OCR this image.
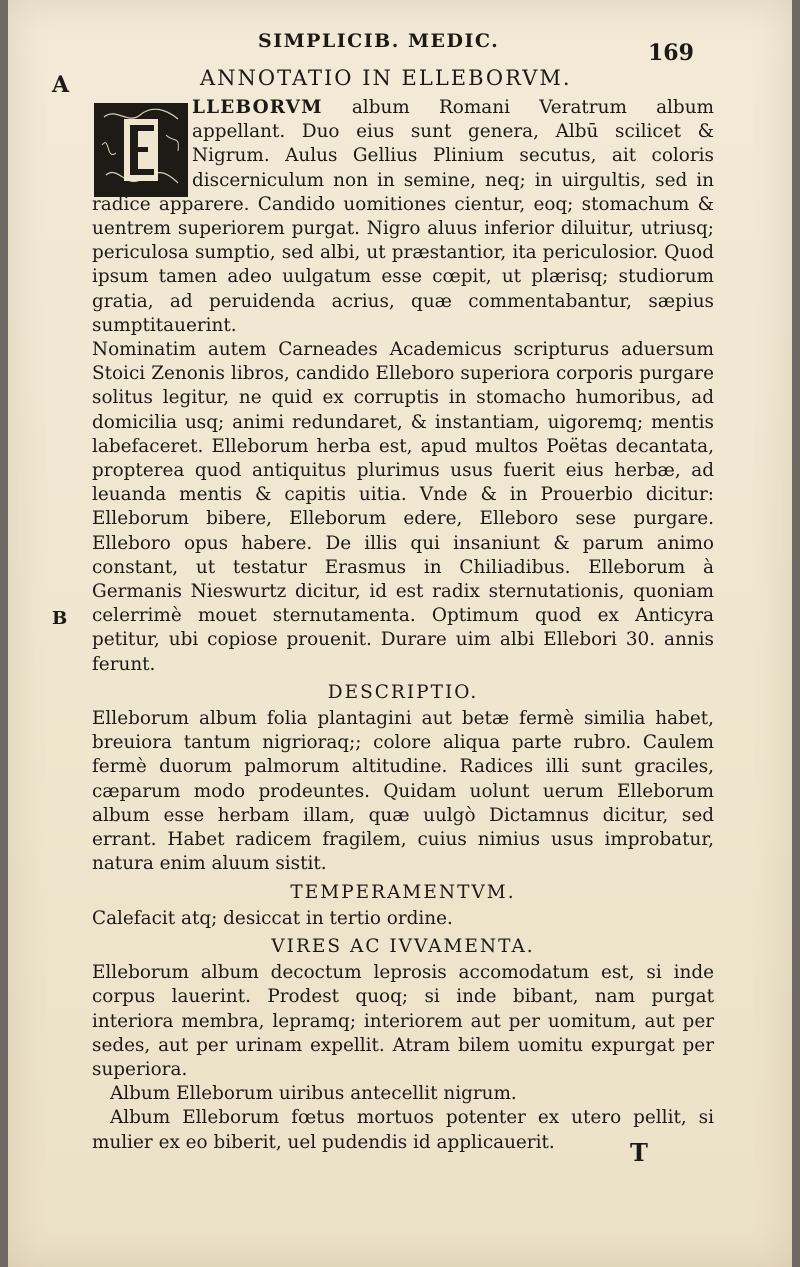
SIMPLICIB. MEDIC.	169
A
B
ANNOTATIO IN ELLEBORVM.

LLEBORVM album Romani Veratrum album appellant. Duo eius sunt genera, Albū scilicet & Nigrum. Aulus Gellius Plinium secutus, ait coloris discerniculum non in semine, neq; in uirgultis, sed in radice apparere. Candido uomitiones cientur, eoq; stomachum & uentrem superiorem purgat. Nigro aluus inferior diluitur, utriusq; periculosa sumptio, sed albi, ut præstantior, ita periculosior. Quod ipsum tamen adeo uulgatum esse cœpit, ut plærisq; studiorum gratia, ad peruidenda acrius, quæ commentabantur, sæpius sumptitauerint.

Nominatim autem Carneades Academicus scripturus aduersum Stoici Zenonis libros, candido Elleboro superiora corporis purgare solitus legitur, ne quid ex corruptis in stomacho humoribus, ad domicilia usq; animi redundaret, & instantiam, uigoremq; mentis labefaceret. Elleborum herba est, apud multos Poëtas decantata, propterea quod antiquitus plurimus usus fuerit eius herbæ, ad leuanda mentis & capitis uitia. Vnde & in Prouerbio dicitur: Elleborum bibere, Elleborum edere, Elleboro sese purgare. Elleboro opus habere. De illis qui insaniunt & parum animo constant, ut testatur Erasmus in Chiliadibus. Elleborum à Germanis Nieswurtz dicitur, id est radix sternutationis, quoniam celerrimè mouet sternutamenta. Optimum quod ex Anticyra petitur, ubi copiose prouenit. Durare uim albi Ellebori 30. annis ferunt.

DESCRIPTIO.

Elleborum album folia plantagini aut betæ fermè similia habet, breuiora tantum nigrioraq;; colore aliqua parte rubro. Caulem fermè duorum palmorum altitudine. Radices illi sunt graciles, cæparum modo prodeuntes. Quidam uolunt uerum Elleborum album esse herbam illam, quæ uulgò Dictamnus dicitur, sed errant. Habet radicem fragilem, cuius nimius usus improbatur, natura enim aluum sistit.

TEMPERAMENTVM.

Calefacit atq; desiccat in tertio ordine.

VIRES AC IVVAMENTA.

Elleborum album decoctum leprosis accomodatum est, si inde corpus lauerint. Prodest quoq; si inde bibant, nam purgat interiora membra, lepramq; interiorem aut per uomitum, aut per sedes, aut per urinam expellit. Atram bilem uomitu expurgat per superiora.

Album Elleborum uiribus antecellit nigrum.

Album Elleborum fœtus mortuos potenter ex utero pellit, si mulier ex eo biberit, uel pudendis id applicauerit.	T
